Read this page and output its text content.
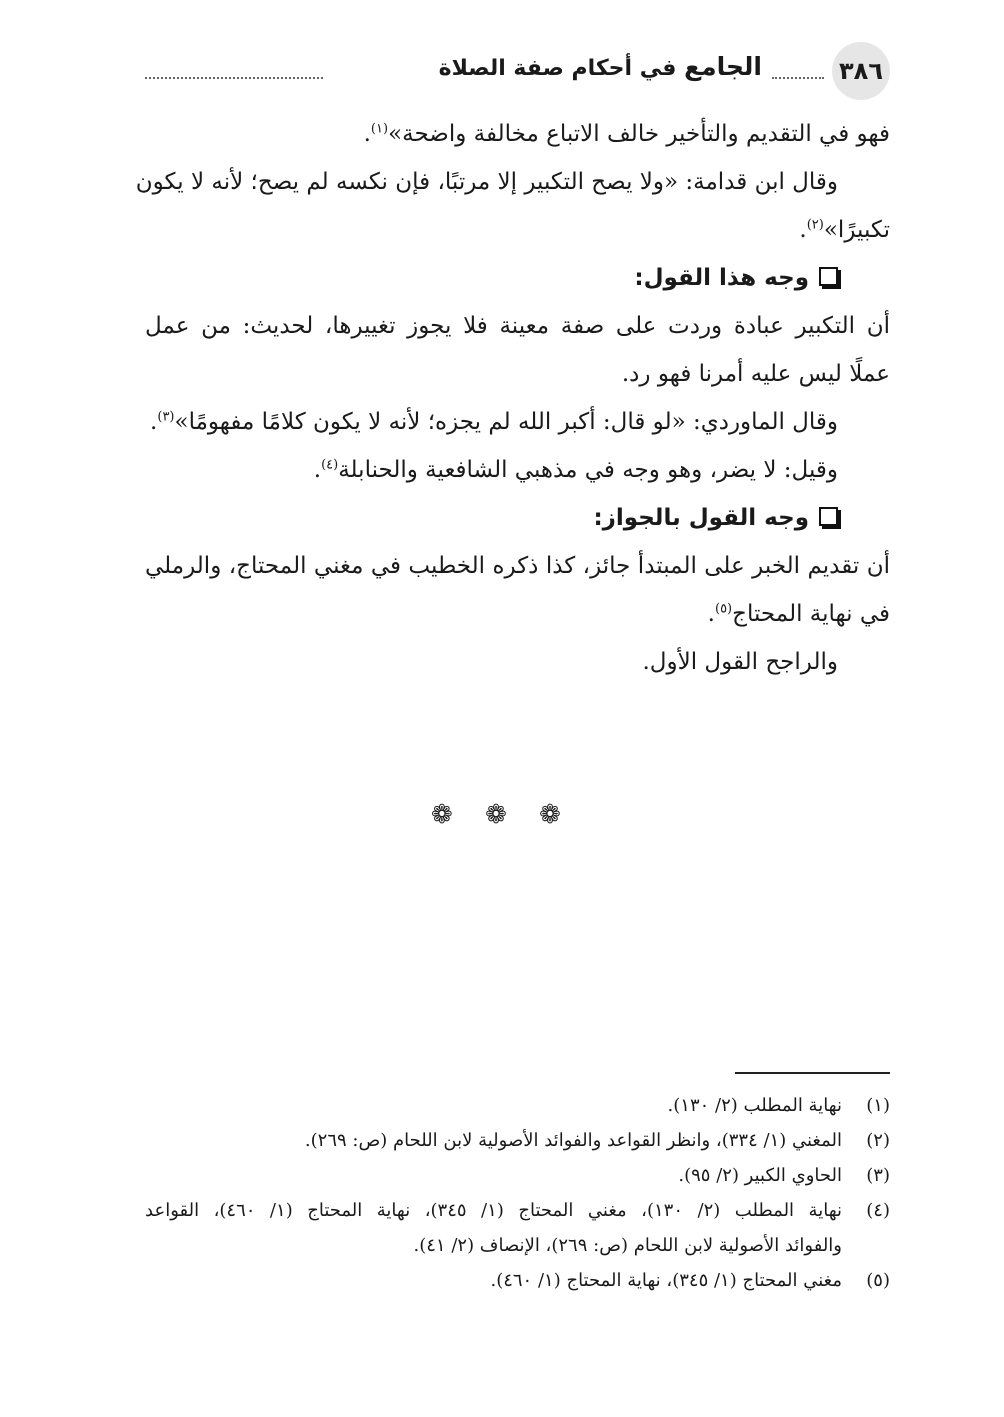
٣٨٦
الجامع في أحكام صفة الصلاة

فهو في التقديم والتأخير خالف الاتباع مخالفة واضحة»$^{(١)}$.

وقال ابن قدامة: «ولا يصح التكبير إلا مرتبًا، فإن نكسه لم يصح؛ لأنه لا يكون

تكبيرًا»$^{(٢)}$.

وجه هذا القول:

أن التكبير عبادة وردت على صفة معينة فلا يجوز تغييرها، لحديث: من عمل

عملًا ليس عليه أمرنا فهو رد.

وقال الماوردي: «لو قال: أكبر الله لم يجزه؛ لأنه لا يكون كلامًا مفهومًا»$^{(٣)}$.

وقيل: لا يضر، وهو وجه في مذهبي الشافعية والحنابلة$^{(٤)}$.

وجه القول بالجواز:

أن تقديم الخبر على المبتدأ جائز، كذا ذكره الخطيب في مغني المحتاج، والرملي

في نهاية المحتاج$^{(٥)}$.

والراجح القول الأول.

❁ ❁ ❁
(١)
نهاية المطلب (٢/ ١٣٠).
(٢)
المغني (١/ ٣٣٤)، وانظر القواعد والفوائد الأصولية لابن اللحام (ص: ٢٦٩).
(٣)
الحاوي الكبير (٢/ ٩٥).
(٤)
نهاية المطلب (٢/ ١٣٠)، مغني المحتاج (١/ ٣٤٥)، نهاية المحتاج (١/ ٤٦٠)، القواعد
والفوائد الأصولية لابن اللحام (ص: ٢٦٩)، الإنصاف (٢/ ٤١).
(٥)
مغني المحتاج (١/ ٣٤٥)، نهاية المحتاج (١/ ٤٦٠).
